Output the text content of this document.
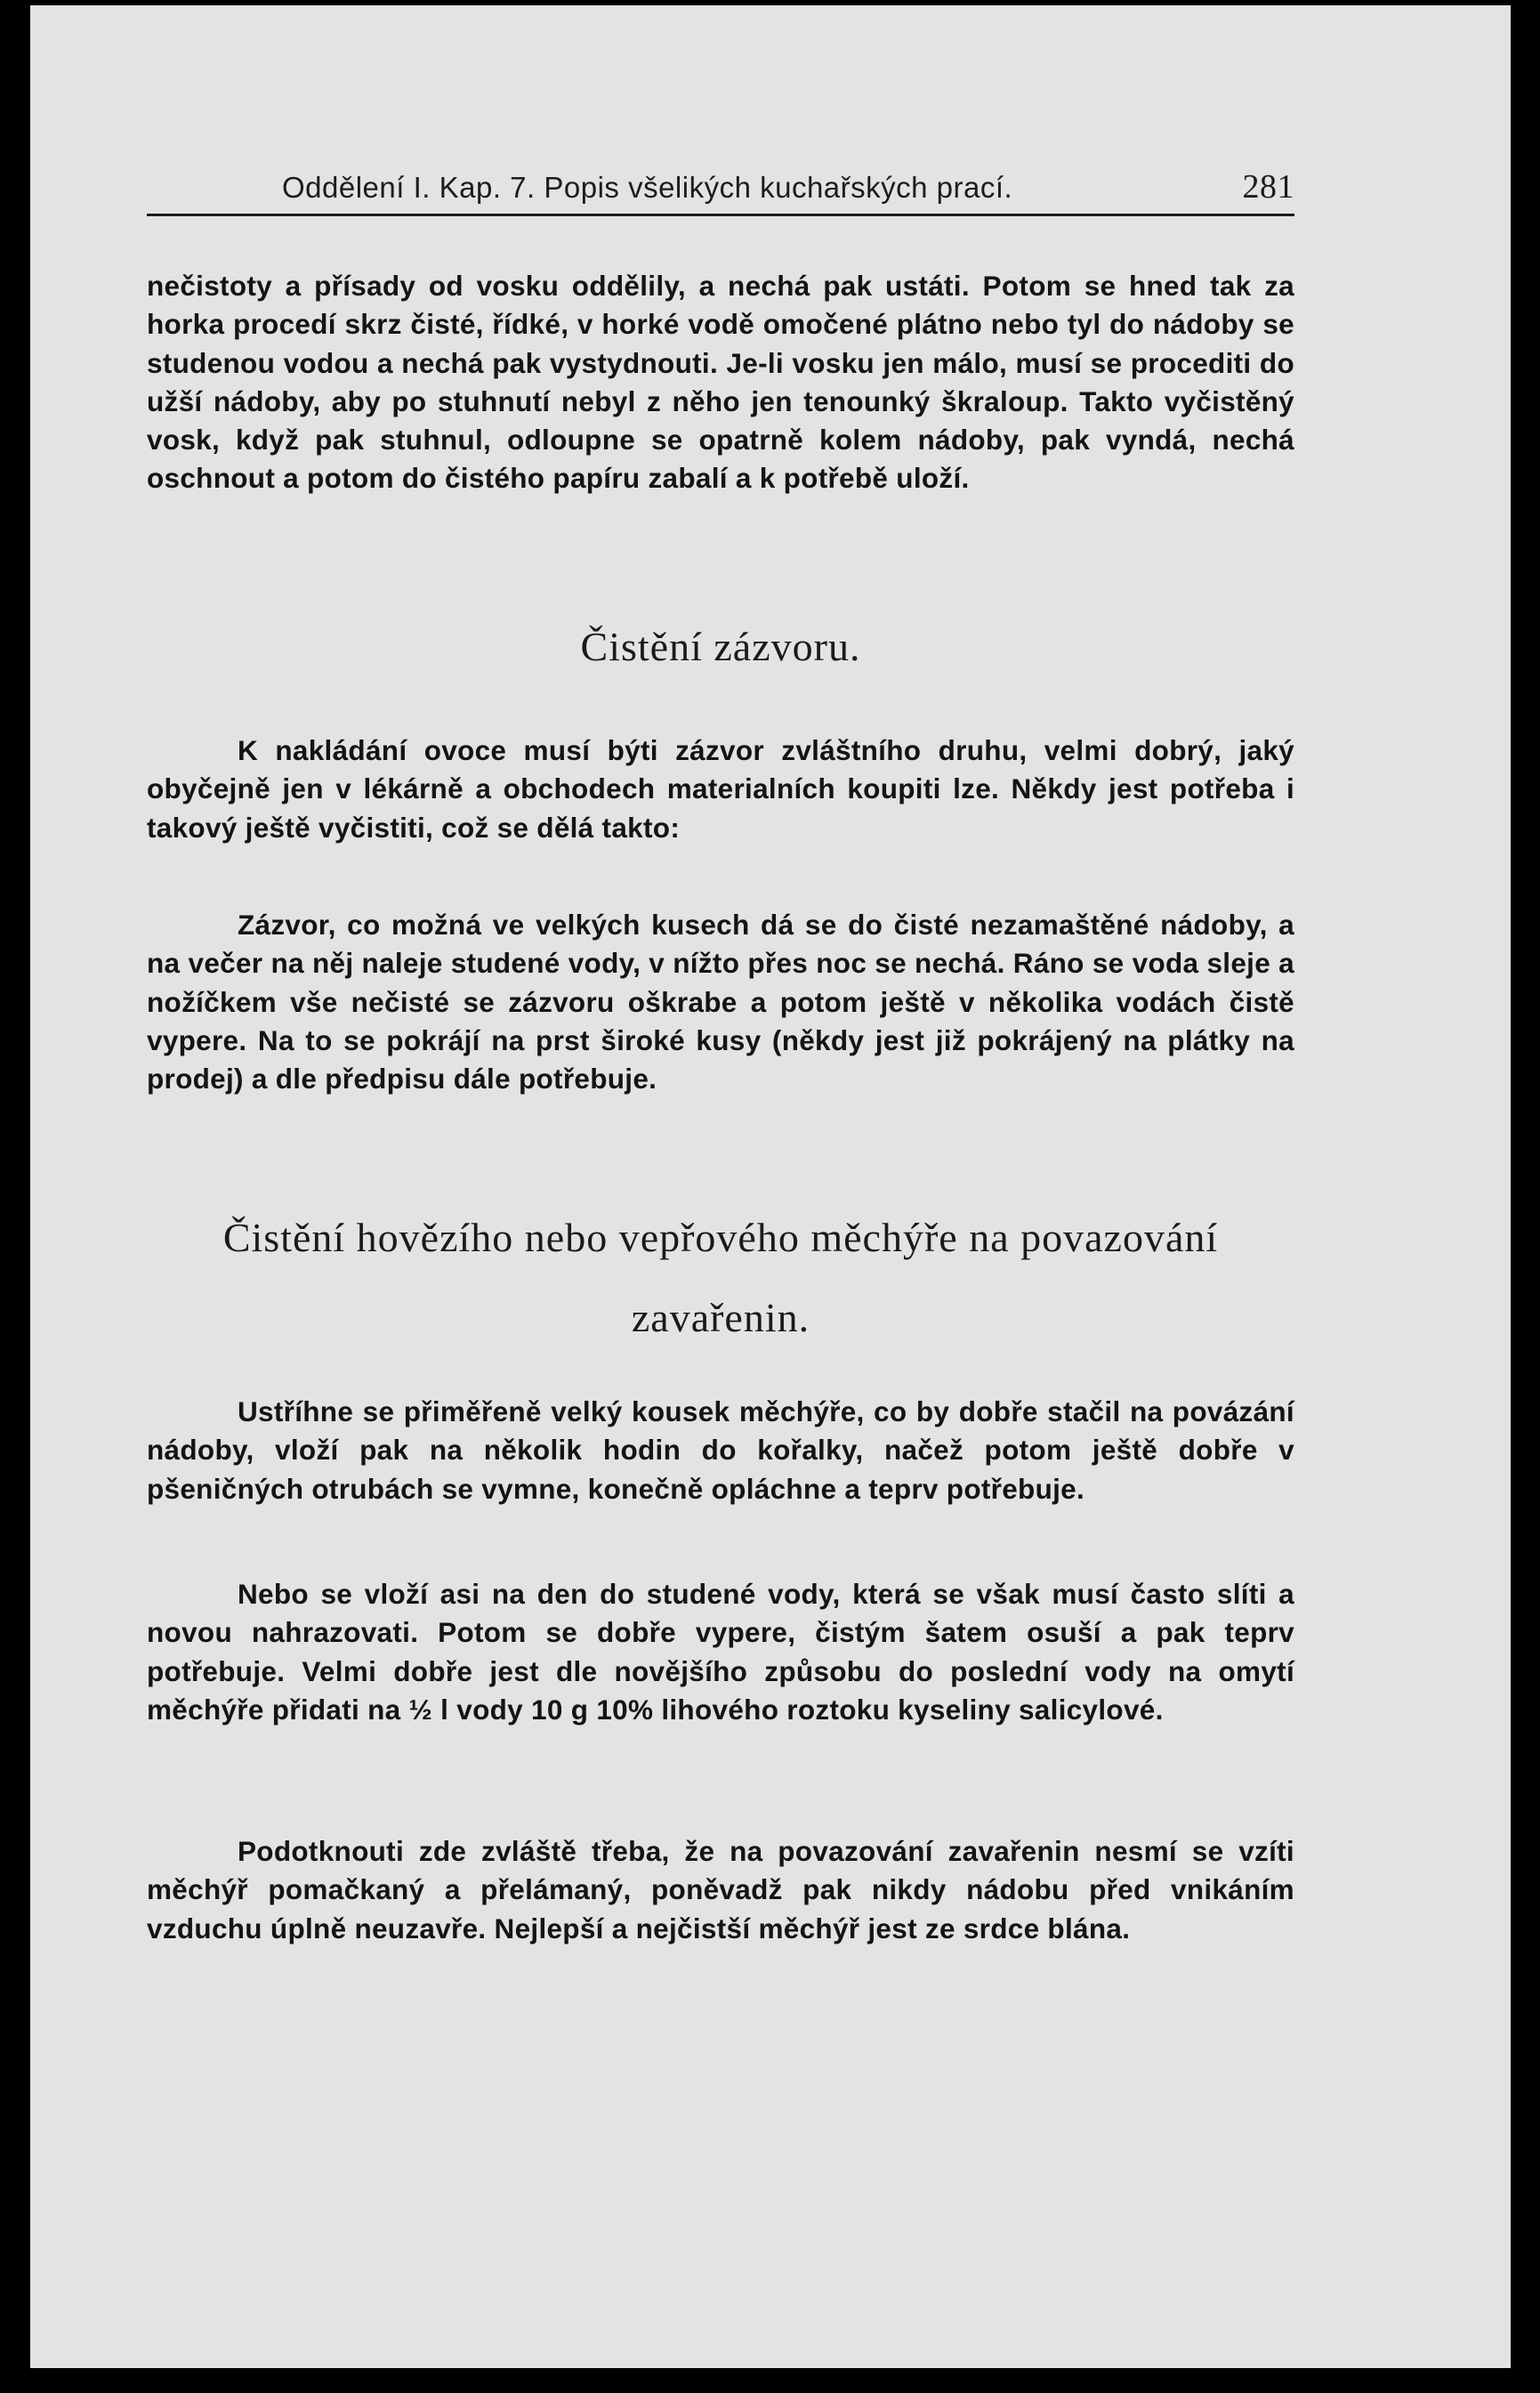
Oddělení I. Kap. 7. Popis všelikých kuchařských prací.	281
nečistoty a přísady od vosku oddělily, a nechá pak ustáti. Potom se hned tak za horka procedí skrz čisté, řídké, v horké vodě omočené plátno nebo tyl do nádoby se studenou vodou a nechá pak vystydnouti. Je-li vosku jen málo, musí se procediti do užší nádoby, aby po stuhnutí nebyl z něho jen tenounký škraloup. Takto vyčistěný vosk, když pak stuhnul, odloupne se opatrně kolem nádoby, pak vyndá, nechá oschnout a potom do čistého papíru zabalí a k potřebě uloží.
Čistění zázvoru.
K nakládání ovoce musí býti zázvor zvláštního druhu, velmi dobrý, jaký obyčejně jen v lékárně a obchodech materialních koupiti lze. Někdy jest potřeba i takový ještě vyčistiti, což se dělá takto:
Zázvor, co možná ve velkých kusech dá se do čisté nezamaštěné nádoby, a na večer na něj naleje studené vody, v nížto přes noc se nechá. Ráno se voda sleje a nožíčkem vše nečisté se zázvoru oškrabe a potom ještě v několika vodách čistě vypere. Na to se pokrájí na prst široké kusy (někdy jest již pokrájený na plátky na prodej) a dle předpisu dále potřebuje.
Čistění hovězího nebo vepřového měchýře na povazování zavařenin.
Ustříhne se přiměřeně velký kousek měchýře, co by dobře stačil na povázání nádoby, vloží pak na několik hodin do kořalky, načež potom ještě dobře v pšeničných otrubách se vymne, konečně opláchne a teprv potřebuje.
Nebo se vloží asi na den do studené vody, která se však musí často slíti a novou nahrazovati. Potom se dobře vypere, čistým šatem osuší a pak teprv potřebuje. Velmi dobře jest dle novějšího způsobu do poslední vody na omytí měchýře přidati na ½ l vody 10 g 10% lihového roztoku kyseliny salicylové.
Podotknouti zde zvláště třeba, že na povazování zavařenin nesmí se vzíti měchýř pomačkaný a přelámaný, poněvadž pak nikdy nádobu před vnikáním vzduchu úplně neuzavře. Nejlepší a nejčistší měchýř jest ze srdce blána.
